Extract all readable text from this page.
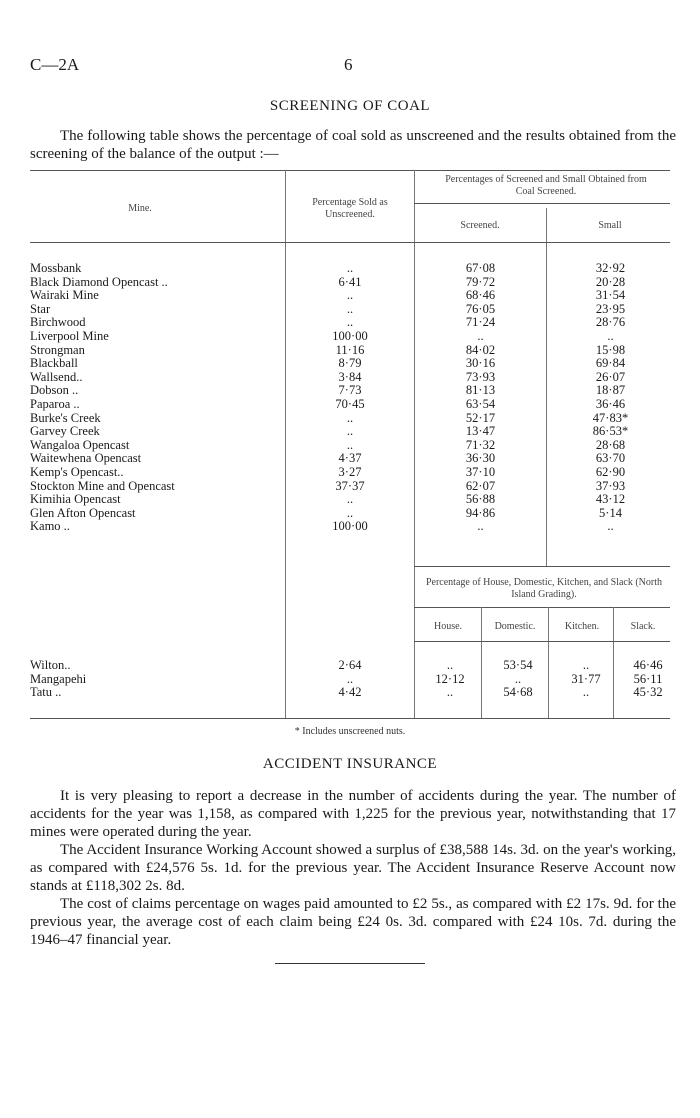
C—2A	6
SCREENING OF COAL
The following table shows the percentage of coal sold as unscreened and the results obtained from the screening of the balance of the output :—
Mine.
Percentage Sold as Unscreened.
Percentages of Screened and Small Obtained from Coal Screened.
Screened.	Small
Mossbank	..	67·08	32·92
Black Diamond Opencast ..	6·41	79·72	20·28
Wairaki Mine	..	68·46	31·54
Star	..	76·05	23·95
Birchwood	..	71·24	28·76
Liverpool Mine	100·00	..	..
Strongman	11·16	84·02	15·98
Blackball	8·79	30·16	69·84
Wallsend..	3·84	73·93	26·07
Dobson ..	7·73	81·13	18·87
Paparoa ..	70·45	63·54	36·46
Burke's Creek	..	52·17	47·83*
Garvey Creek	..	13·47	86·53*
Wangaloa Opencast	..	71·32	28·68
Waitewhena Opencast	4·37	36·30	63·70
Kemp's Opencast..	3·27	37·10	62·90
Stockton Mine and Opencast	37·37	62·07	37·93
Kimihia Opencast	..	56·88	43·12
Glen Afton Opencast	..	94·86	5·14
Kamo ..	100·00	..	..
Percentage of House, Domestic, Kitchen, and Slack (North Island Grading).
House.	Domestic.	Kitchen.	Slack.
Wilton..	2·64	..	53·54	..	46·46
Mangapehi	..	12·12	..	31·77	56·11
Tatu ..	4·42	..	54·68	..	45·32
* Includes unscreened nuts.
ACCIDENT INSURANCE
It is very pleasing to report a decrease in the number of accidents during the year. The number of accidents for the year was 1,158, as compared with 1,225 for the previous year, notwithstanding that 17 mines were operated during the year.
The Accident Insurance Working Account showed a surplus of £38,588 14s. 3d. on the year's working, as compared with £24,576 5s. 1d. for the previous year. The Accident Insurance Reserve Account now stands at £118,302 2s. 8d.
The cost of claims percentage on wages paid amounted to £2 5s., as compared with £2 17s. 9d. for the previous year, the average cost of each claim being £24 0s. 3d. compared with £24 10s. 7d. during the 1946–47 financial year.
